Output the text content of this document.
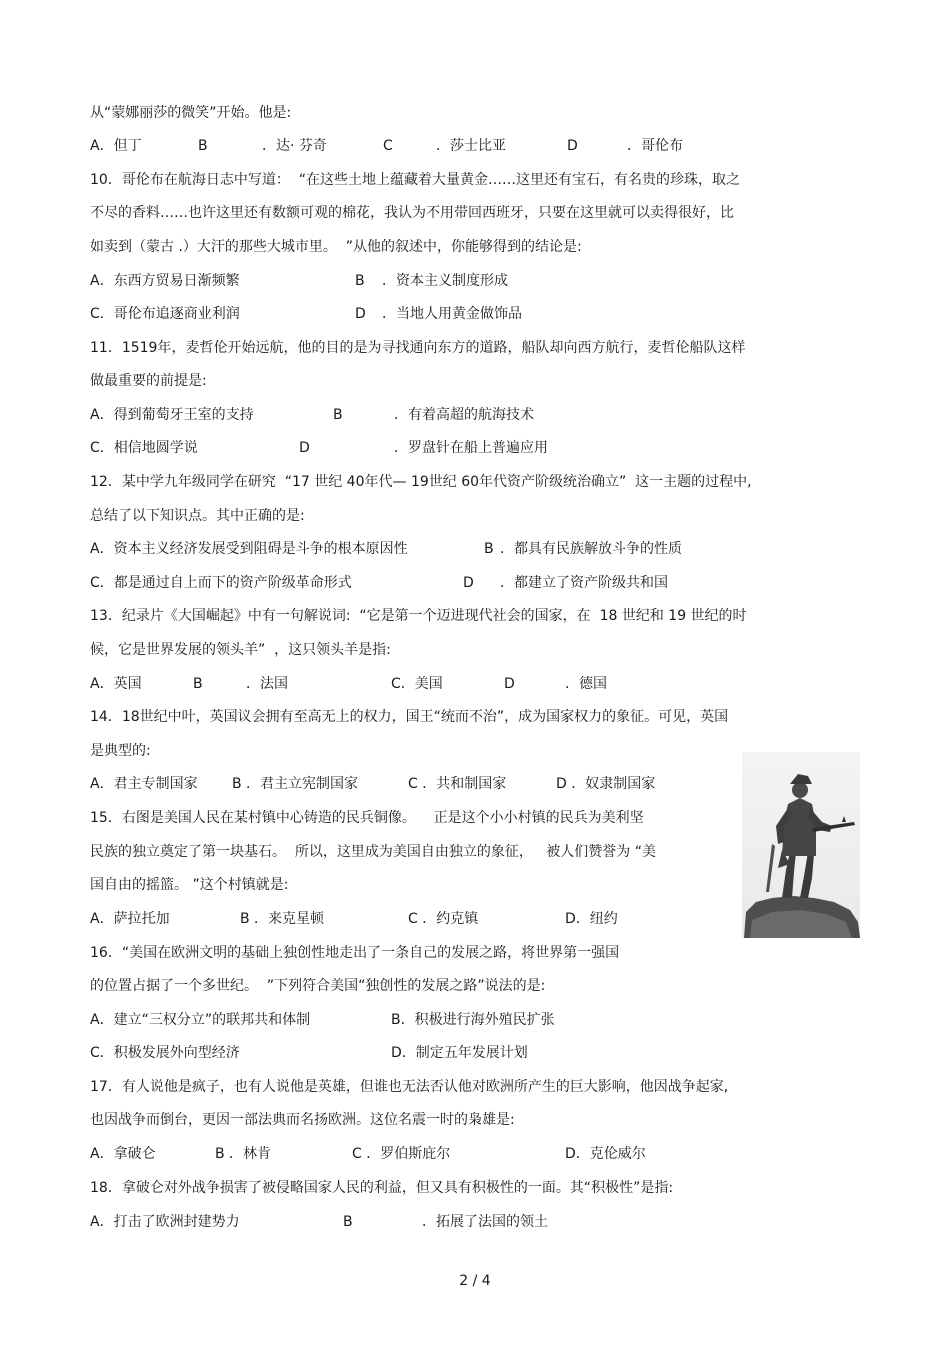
从“蒙娜丽莎的微笑”开始。他是:
A．但丁	B	．达· 芬奇	C	．莎士比亚	D	．哥伦布
10．哥伦布在航海日志中写道：  “在这些土地上蕴藏着大量黄金……这里还有宝石，有名贵的珍珠，取之
不尽的香料……也许这里还有数额可观的棉花，我认为不用带回西班牙，只要在这里就可以卖得很好，比
如卖到（蒙古 .）大汗的那些大城市里。  ”从他的叙述中，你能够得到的结论是:
A．东西方贸易日渐频繁	B ．资本主义制度形成
C．哥伦布追逐商业利润	D ．当地人用黄金做饰品
11．1519年，麦哲伦开始远航，他的目的是为寻找通向东方的道路，船队却向西方航行，麦哲伦船队这样
做最重要的前提是:
A．得到葡萄牙王室的支持	B	．有着高超的航海技术
C．相信地圆学说	D	．罗盘针在船上普遍应用
12．某中学九年级同学在研究  “17 世纪 40年代— 19世纪 60年代资产阶级统治确立”  这一主题的过程中,
总结了以下知识点。其中正确的是:
A．资本主义经济发展受到阻碍是斗争的根本原因性	B ．都具有民族解放斗争的性质
C．都是通过自上而下的资产阶级革命形式	D ．都建立了资产阶级共和国
13．纪录片《大国崛起》中有一句解说词:  “它是第一个迈进现代社会的国家，在  18 世纪和 19 世纪的时
候，它是世界发展的领头羊”  ，这只领头羊是指:
A．英国	B	．法国	C．美国	D	．德国
14．18世纪中叶，英国议会拥有至高无上的权力，国王“统而不治”，成为国家权力的象征。可见，英国
是典型的:
A．君主专制国家 B ．君主立宪制国家	C ．共和制国家	D ．奴隶制国家
15．右图是美国人民在某村镇中心铸造的民兵铜像。    正是这个小小村镇的民兵为美利坚
民族的独立奠定了第一块基石。  所以，这里成为美国自由独立的象征，   被人们赞誉为 “美
国自由的摇篮。 ”这个村镇就是:
A．萨拉托加	B ．来克星顿	C ．约克镇	D．纽约
16．“美国在欧洲文明的基础上独创性地走出了一条自己的发展之路，将世界第一强国
的位置占据了一个多世纪。  ”下列符合美国“独创性的发展之路”说法的是:
A．建立“三权分立”的联邦共和体制	B．积极进行海外殖民扩张
C．积极发展外向型经济	D．制定五年发展计划
17．有人说他是疯子，也有人说他是英雄，但谁也无法否认他对欧洲所产生的巨大影响，他因战争起家,
也因战争而倒台，更因一部法典而名扬欧洲。这位名震一时的枭雄是:
A．拿破仑	B ．林肯	C ．罗伯斯庇尔	D．克伦威尔
18．拿破仑对外战争损害了被侵略国家人民的利益，但又具有积极性的一面。其“积极性”是指:
A．打击了欧洲封建势力	B	．拓展了法国的领土
2 / 4
